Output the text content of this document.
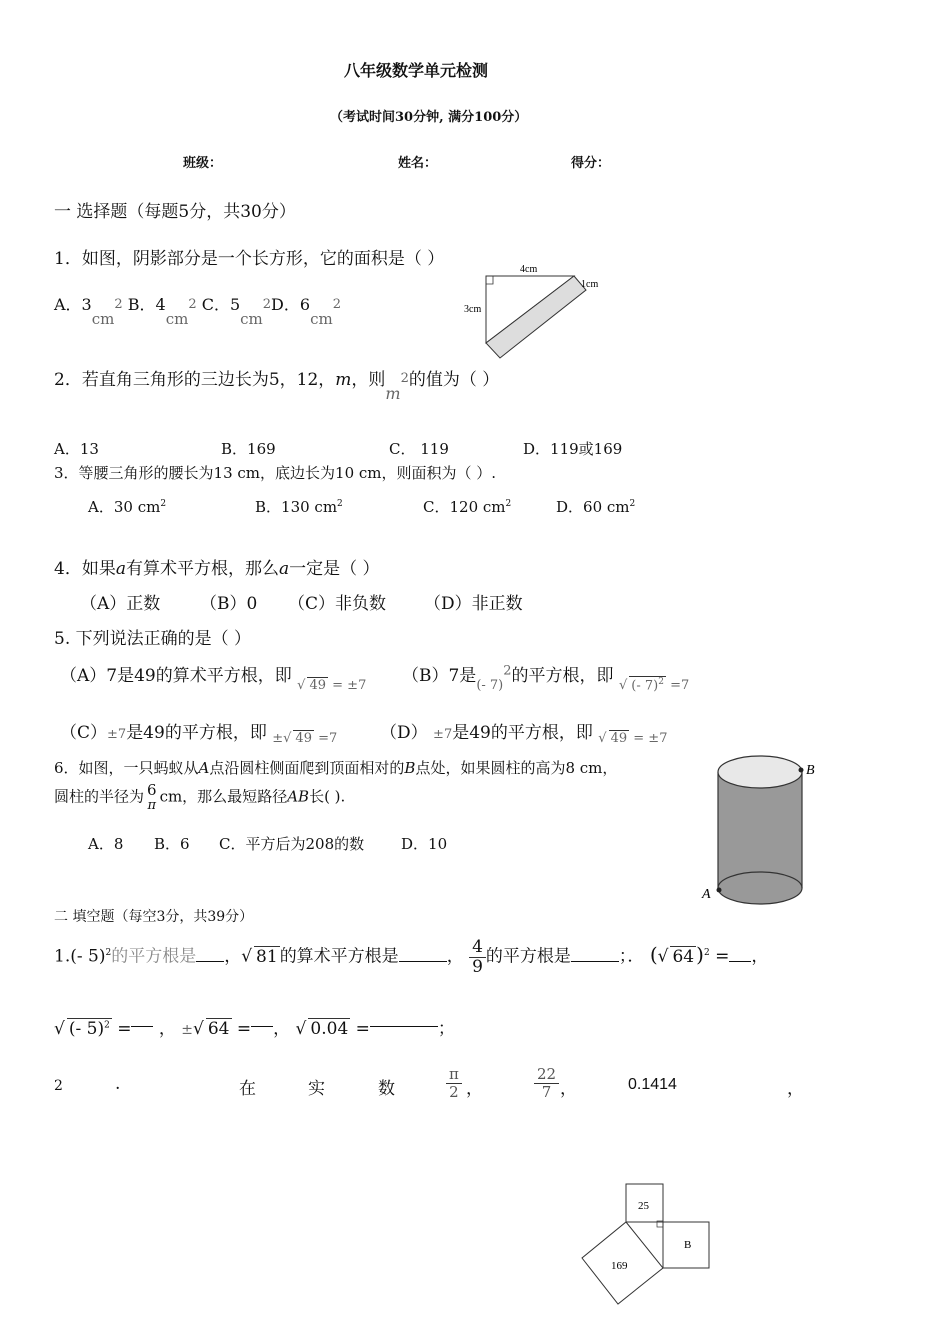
八年级数学单元检测
（考试时间30分钟, 满分100分）
班级：	姓名：	得分：
一 选择题（每题5分，共30分）
1．如图，阴影部分是一个长方形，它的面积是（ ）
A．$3cm^2$ B．$4cm^2$ C．$5cm^2D$．$6cm^2$
4cm
3cm
1cm
2．若直角三角形的三边长为5，12，m，则$m^2$的值为（ ）
A．13	B．169	C． 119	D．119或169
3．等腰三角形的腰长为13 cm，底边长为10 cm，则面积为（ ）.
A．30 $cm^2$	B．130 $cm^2$	C．120 $cm^2$	D．60 $cm^2$
4．如果a有算术平方根，那么a一定是（ ）
（A）正数 （B）0 （C）非负数 （D）非正数
5. 下列说法正确的是（ ）
（A）7是49的算术平方根，即 $_{√ 49 = \pm 7}$ （B）7是$_{(- 7)}^2$的平方根，即 $_{√ (- 7)^2 =7}$
（C）±7是49的平方根，即 $_{\pm√ 49 =7}$	（D） ±7是49的平方根，即 $_{√ 49 = \pm 7}$
6．如图，一只蚂蚁从A点沿圆柱侧面爬到顶面相对的B点处，如果圆柱的高为8 cm，
圆柱的半径为 6
π cm，那么最短路径AB长( ).
A．8 B．6 C．平方后为208的数 D．10
B
A
二 填空题（每空3分，共39分）
1.(- 5)$^2$的平方根是 ，√ 81 的算术平方根是	， $\frac{4}{9}$ 的平方根是	；． (√ 64 )$^2$ = ，
√ (- 5)$^2$ = ， ±√ 64 = ， √ 0.04 =	；
2	.	在	实	数	$\frac{\pi}{2}$ ，	$\frac{22}{7}$ ，	0.1414	，
25
B
169
